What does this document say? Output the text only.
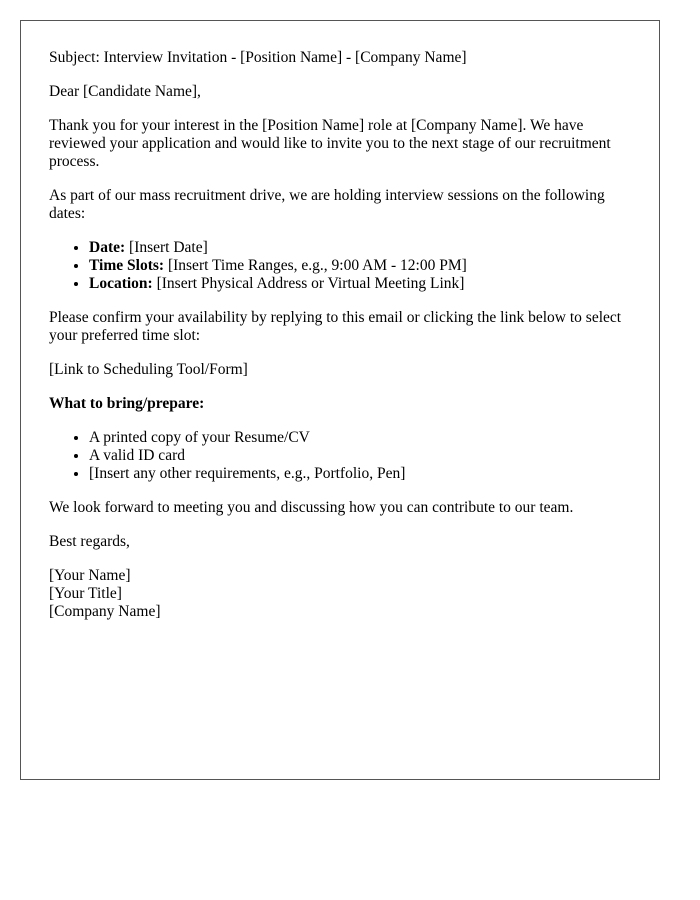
Subject: Interview Invitation - [Position Name] - [Company Name]

Dear [Candidate Name],

Thank you for your interest in the [Position Name] role at [Company Name]. We have reviewed your application and would like to invite you to the next stage of our recruitment process.

As part of our mass recruitment drive, we are holding interview sessions on the following dates:

• Date: [Insert Date]
• Time Slots: [Insert Time Ranges, e.g., 9:00 AM - 12:00 PM]
• Location: [Insert Physical Address or Virtual Meeting Link]

Please confirm your availability by replying to this email or clicking the link below to select your preferred time slot:

[Link to Scheduling Tool/Form]

What to bring/prepare:

• A printed copy of your Resume/CV
• A valid ID card
• [Insert any other requirements, e.g., Portfolio, Pen]

We look forward to meeting you and discussing how you can contribute to our team.

Best regards,

[Your Name]
[Your Title]
[Company Name]
